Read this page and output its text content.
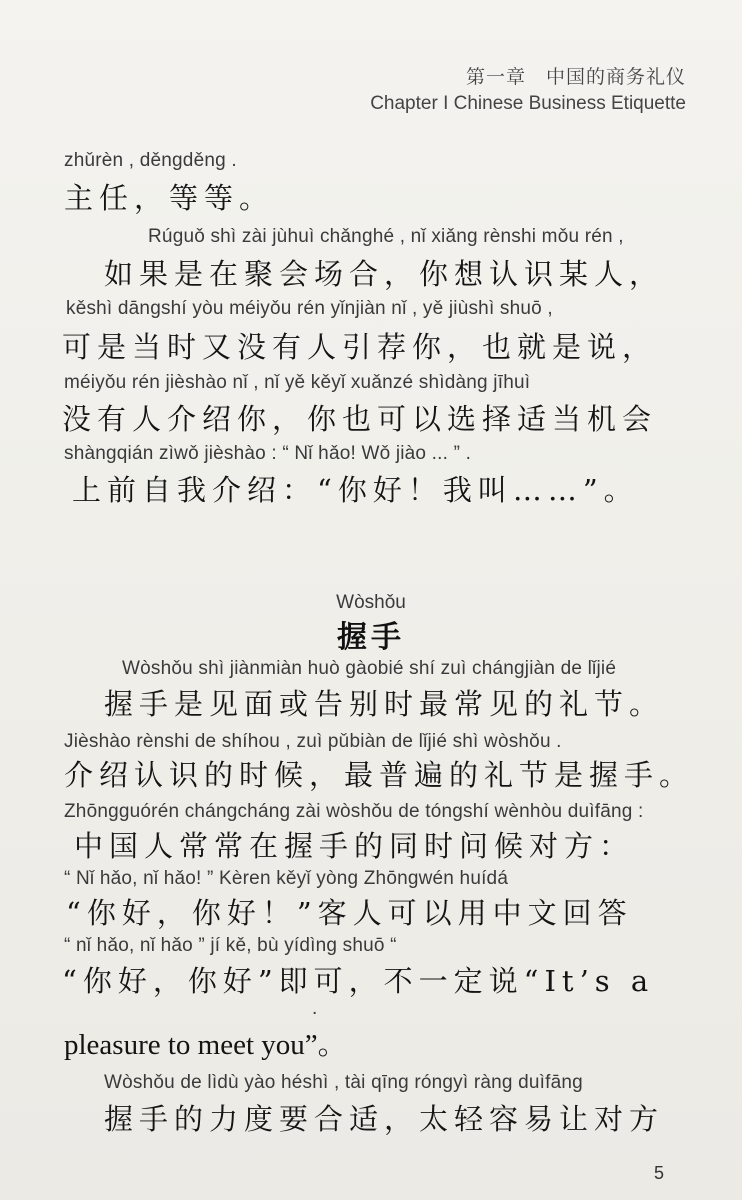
第一章　中国的商务礼仪
Chapter I Chinese Business Etiquette
zhǔrèn , děngděng .
主任，等等。
Rúguǒ shì zài jùhuì chǎnghé , nǐ xiǎng rènshi mǒu rén ,
如果是在聚会场合，你想认识某人，
kěshì dāngshí yòu méiyǒu rén yǐnjiàn nǐ , yě jiùshì shuō ,
可是当时又没有人引荐你，也就是说，
méiyǒu rén jièshào nǐ , nǐ yě kěyǐ xuǎnzé shìdàng jīhuì
没有人介绍你，你也可以选择适当机会
shàngqián zìwǒ jièshào : “ Nǐ hǎo! Wǒ jiào ... ” .
上前自我介绍：“你好！我叫……”。
Wòshǒu
握手
Wòshǒu shì jiànmiàn huò gàobié shí zuì chángjiàn de lǐjié
握手是见面或告别时最常见的礼节。
Jièshào rènshi de shíhou , zuì pǔbiàn de lǐjié shì wòshǒu .
介绍认识的时候，最普遍的礼节是握手。
Zhōngguórén chángcháng zài wòshǒu de tóngshí wènhòu duìfāng :
中国人常常在握手的同时问候对方：
“ Nǐ hǎo, nǐ hǎo! ” Kèren kěyǐ yòng Zhōngwén huídá
“你好，你好！”客人可以用中文回答
“ nǐ hǎo, nǐ hǎo ” jí kě, bù yídìng shuō “
“你好，你好”即可，不一定说“It’s a
.
pleasure to meet you”。
Wòshǒu de lìdù yào héshì , tài qīng róngyì ràng duìfāng
握手的力度要合适，太轻容易让对方
5
